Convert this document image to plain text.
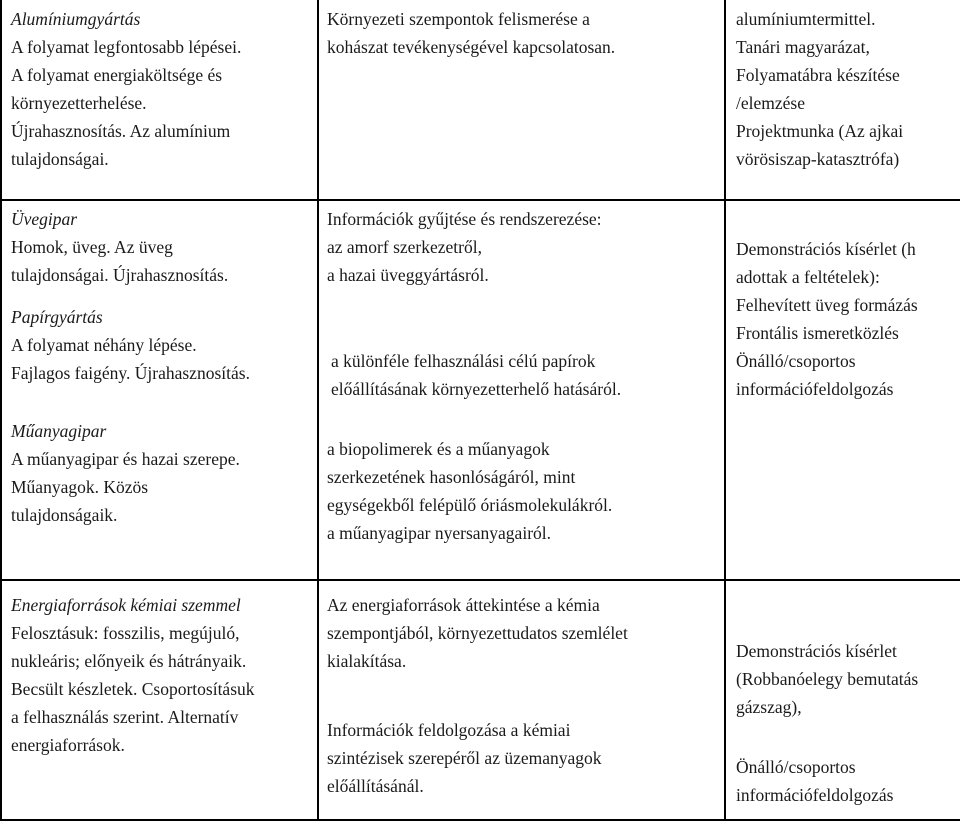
Alumíniumgyártás
A folyamat legfontosabb lépései.
A folyamat energiaköltsége és
környezetterhelése.
Újrahasznosítás. Az alumínium
tulajdonságai.
Környezeti szempontok felismerése a
kohászat tevékenységével kapcsolatosan.
alumíniumtermittel.
Tanári magyarázat,
Folyamatábra készítése
/elemzése
Projektmunka (Az ajkai
vörösiszap-katasztrófa)
Üvegipar
Homok, üveg. Az üveg
tulajdonságai. Újrahasznosítás.
Papírgyártás
A folyamat néhány lépése.
Fajlagos faigény. Újrahasznosítás.
Műanyagipar
A műanyagipar és hazai szerepe.
Műanyagok. Közös
tulajdonságaik.
Információk gyűjtése és rendszerezése:
az amorf szerkezetről,
a hazai üveggyártásról.
a különféle felhasználási célú papírok
előállításának környezetterhelő hatásáról.
a biopolimerek és a műanyagok
szerkezetének hasonlóságáról, mint
egységekből felépülő óriásmolekulákról.
a műanyagipar nyersanyagairól.
Demonstrációs kísérlet (h
adottak a feltételek):
Felhevített üveg formázás
Frontális ismeretközlés
Önálló/csoportos
információfeldolgozás
Energiaforrások kémiai szemmel
Felosztásuk: fosszilis, megújuló,
nukleáris; előnyeik és hátrányaik.
Becsült készletek. Csoportosításuk
a felhasználás szerint. Alternatív
energiaforrások.
Az energiaforrások áttekintése a kémia
szempontjából, környezettudatos szemlélet
kialakítása.
Információk feldolgozása a kémiai
szintézisek szerepéről az üzemanyagok
előállításánál.
Demonstrációs kísérlet
(Robbanóelegy bemutatás
gázszag),
Önálló/csoportos
információfeldolgozás
